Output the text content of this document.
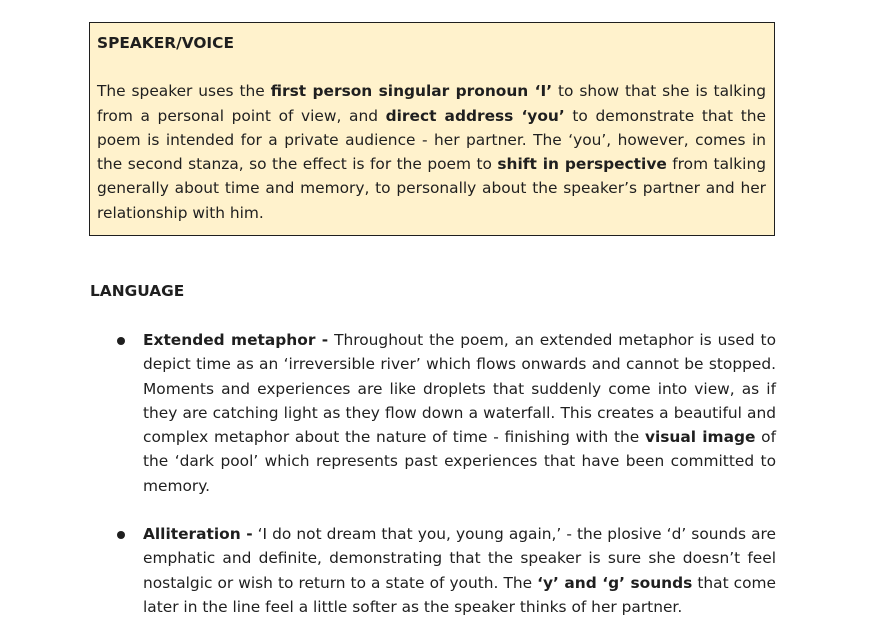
SPEAKER/VOICE

The speaker uses the first person singular pronoun ‘I’ to show that she is talking from a personal point of view, and direct address ‘you’ to demonstrate that the poem is intended for a private audience - her partner. The ‘you’, however, comes in the second stanza, so the effect is for the poem to shift in perspective from talking generally about time and memory, to personally about the speaker’s partner and her relationship with him.

LANGUAGE

Extended metaphor - Throughout the poem, an extended metaphor is used to depict time as an ‘irreversible river’ which flows onwards and cannot be stopped. Moments and experiences are like droplets that suddenly come into view, as if they are catching light as they flow down a waterfall. This creates a beautiful and complex metaphor about the nature of time - finishing with the visual image of the ‘dark pool’ which represents past experiences that have been committed to memory.
Alliteration - ‘I do not dream that you, young again,’ - the plosive ‘d’ sounds are emphatic and definite, demonstrating that the speaker is sure she doesn’t feel nostalgic or wish to return to a state of youth. The ‘y’ and ‘g’ sounds that come later in the line feel a little softer as the speaker thinks of her partner.
